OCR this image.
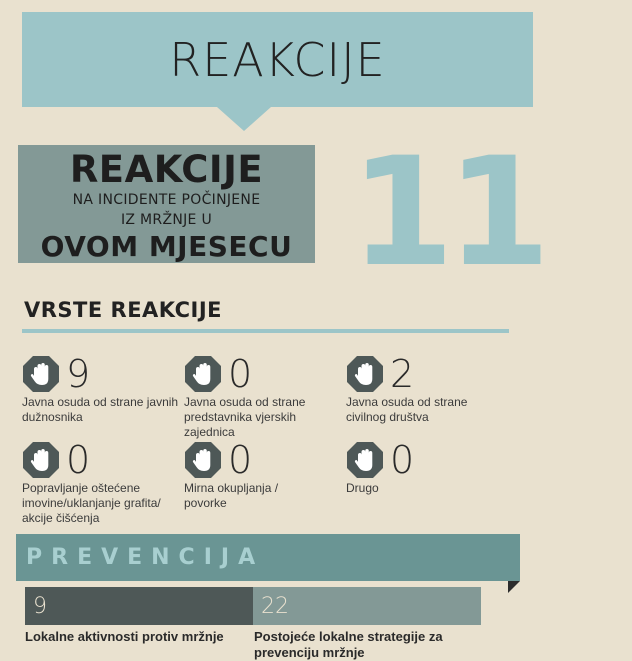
REAKCIJE
REAKCIJE
NA INCIDENTE POČINJENE
IZ MRŽNJE U
OVOM MJESECU 11
VRSTE REAKCIJE
9
Javna osuda od strane javnih dužnosnika
0
Javna osuda od strane predstavnika vjerskih zajednica
2
Javna osuda od strane civilnog društva
0
Popravljanje oštećene imovine/uklanjanje grafita/ akcije čišćenja
0
Mirna okupljanja / povorke
0
Drugo
PREVENCIJA
9	22
Lokalne aktivnosti protiv mržnje	Postojeće lokalne strategije za prevenciju mržnje
